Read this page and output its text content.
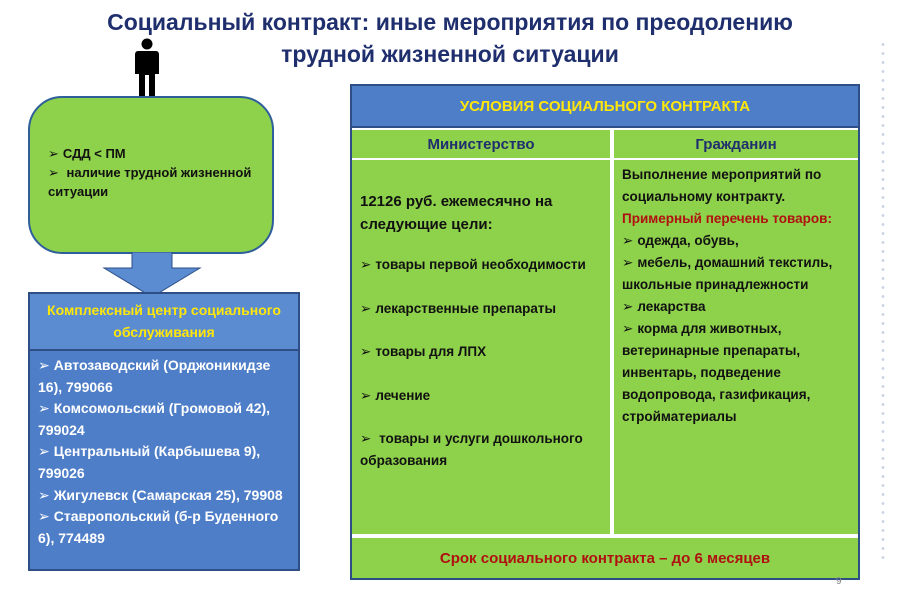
Социальный контракт: иные мероприятия по преодолению
трудной жизненной ситуации
➢ СДД < ПМ
➢ наличие трудной жизненной ситуации
Комплексный центр социального обслуживания
➢ Автозаводский (Орджоникидзе 16), 799066
➢ Комсомольский (Громовой 42), 799024
➢ Центральный (Карбышева 9), 799026
➢ Жигулевск (Самарская 25), 79908
➢ Ставропольский (б-р Буденного 6), 774489
УСЛОВИЯ СОЦИАЛЬНОГО КОНТРАКТА
Министерство	Гражданин
12126 руб. ежемесячно на следующие цели:
➢ товары первой необходимости
➢ лекарственные препараты
➢ товары для ЛПХ
➢ лечение
➢ товары и услуги дошкольного образования
Выполнение мероприятий по социальному контракту.
Примерный перечень товаров:
➢ одежда, обувь,
➢ мебель, домашний текстиль, школьные принадлежности
➢ лекарства
➢ корма для животных, ветеринарные препараты, инвентарь, подведение водопровода, газификация, стройматериалы
Срок социального контракта – до 6 месяцев
9
